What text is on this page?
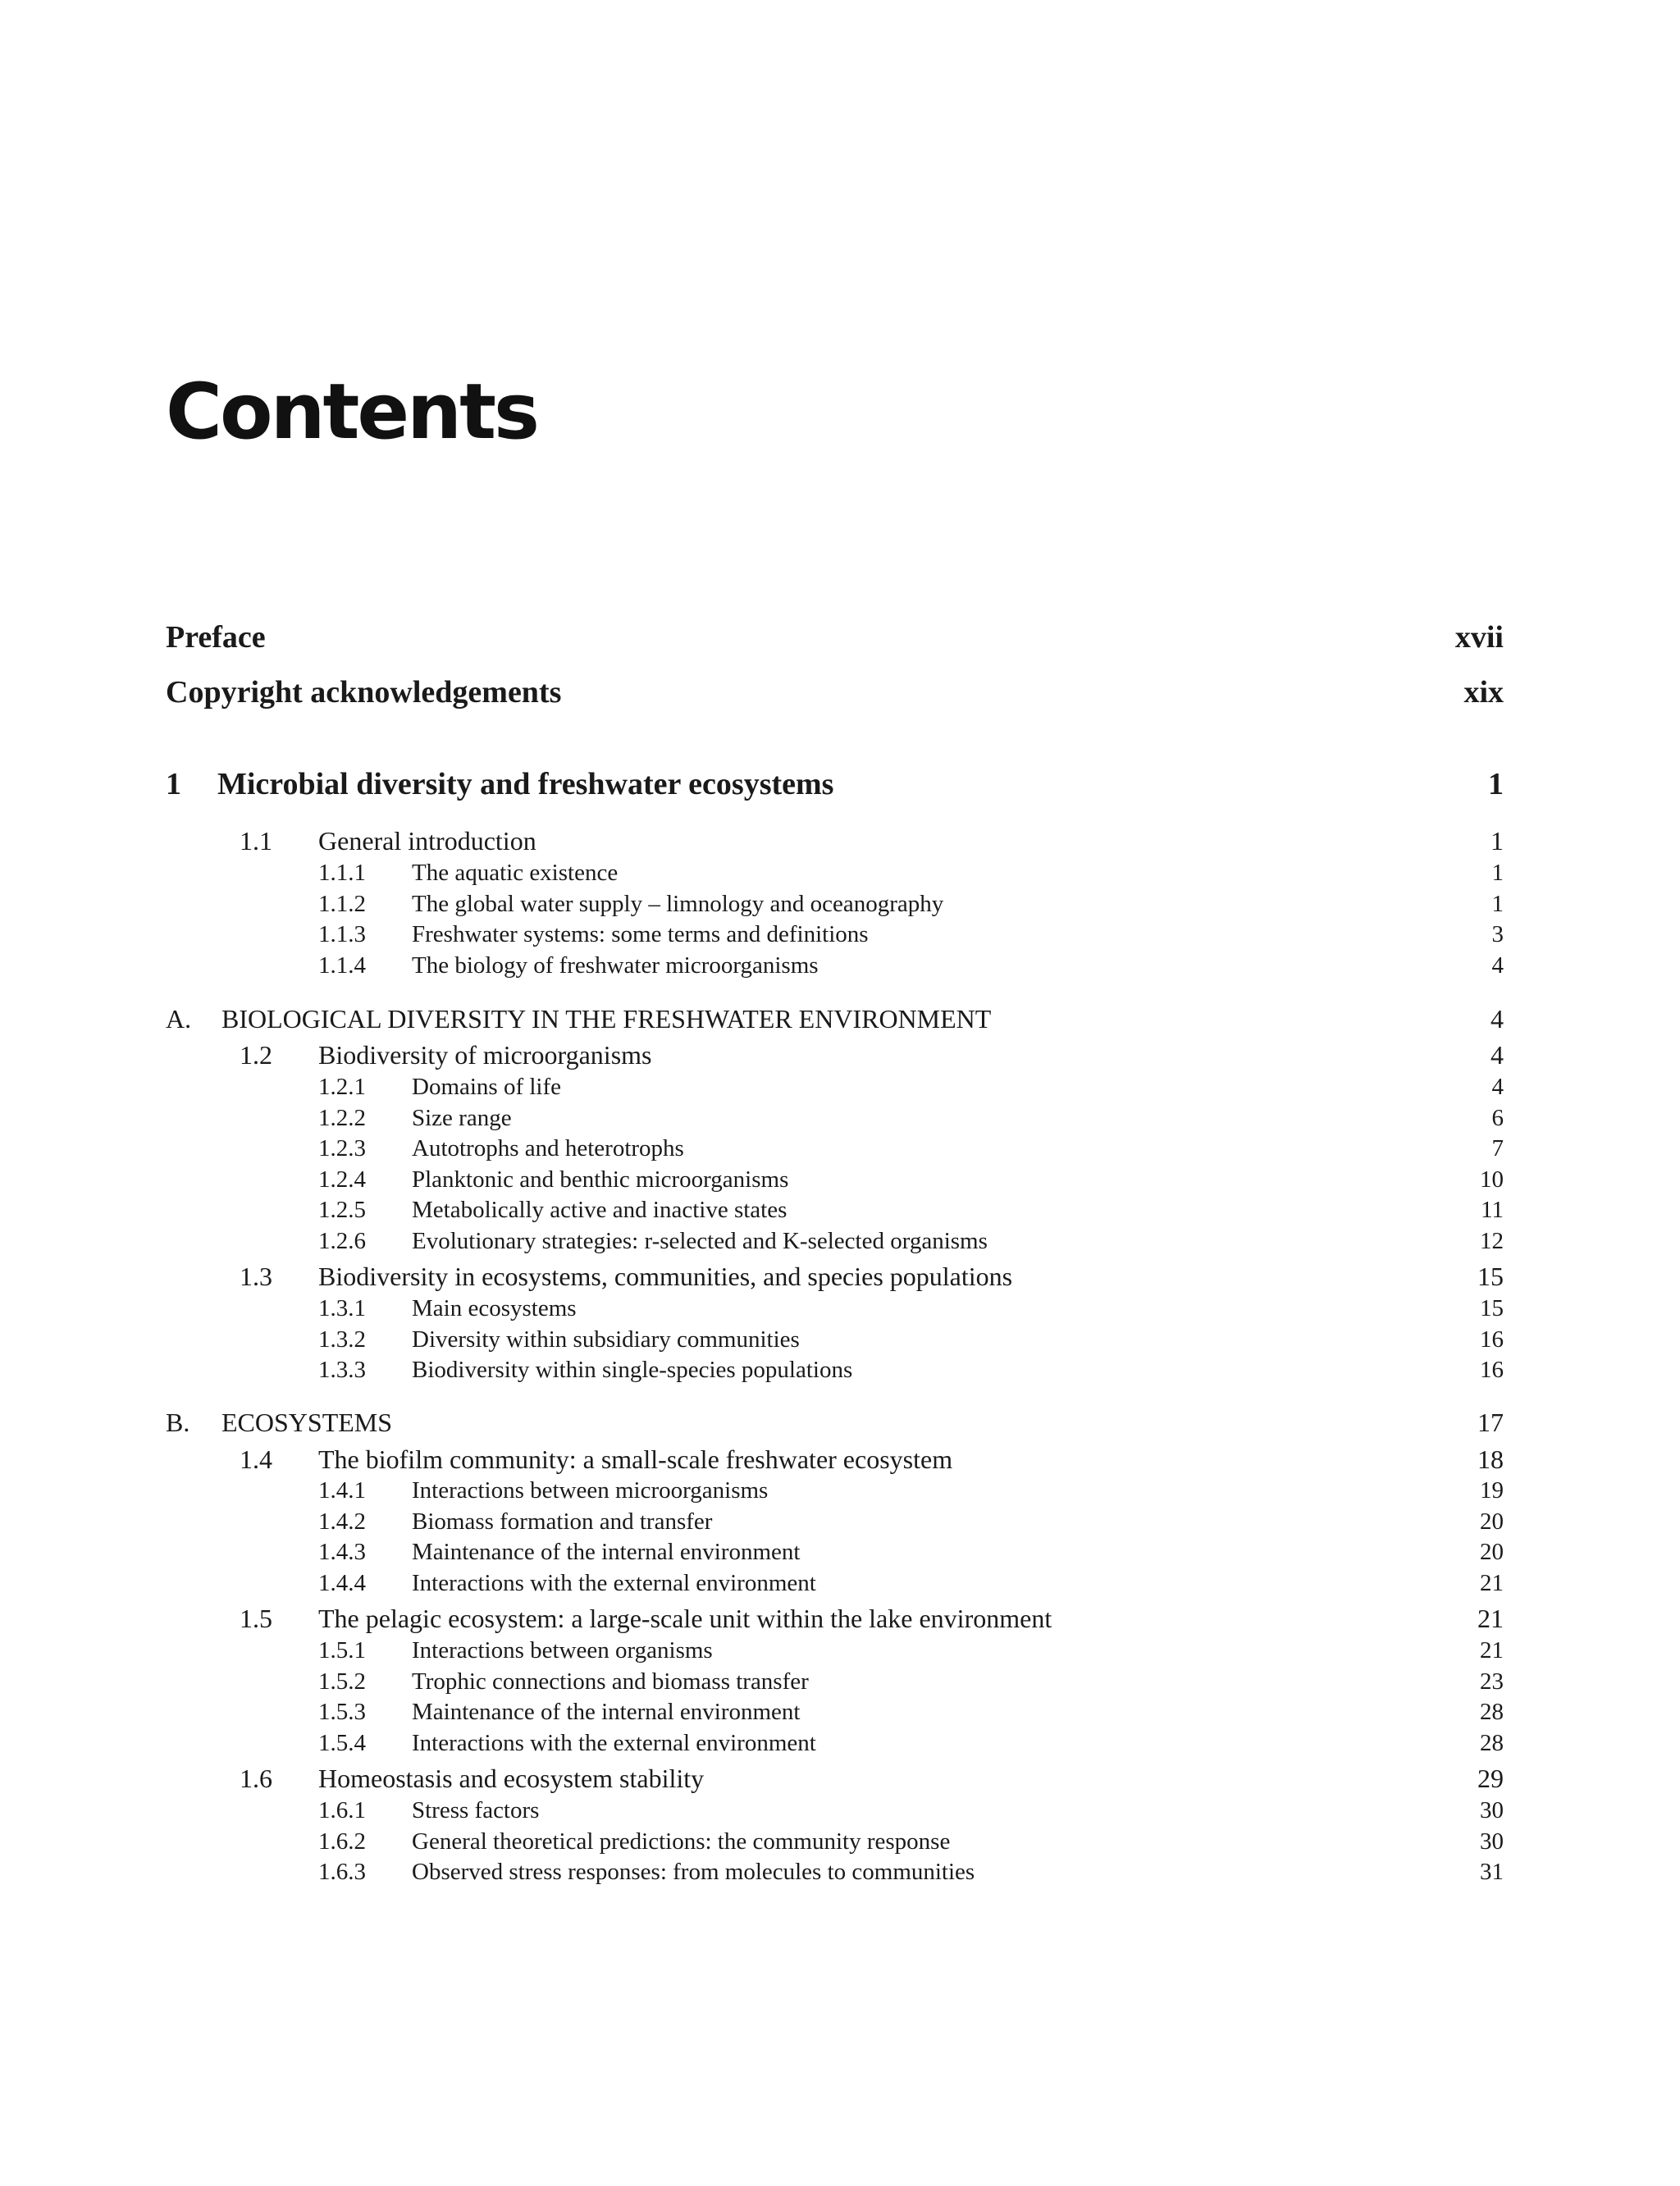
Contents
Preface	xvii
Copyright acknowledgements	xix
1 Microbial diversity and freshwater ecosystems	1
1.1 General introduction	1
1.1.1 The aquatic existence	1
1.1.2 The global water supply – limnology and oceanography	1
1.1.3 Freshwater systems: some terms and definitions	3
1.1.4 The biology of freshwater microorganisms	4
A. BIOLOGICAL DIVERSITY IN THE FRESHWATER ENVIRONMENT	4
1.2 Biodiversity of microorganisms	4
1.2.1 Domains of life	4
1.2.2 Size range	6
1.2.3 Autotrophs and heterotrophs	7
1.2.4 Planktonic and benthic microorganisms	10
1.2.5 Metabolically active and inactive states	11
1.2.6 Evolutionary strategies: r-selected and K-selected organisms	12
1.3 Biodiversity in ecosystems, communities, and species populations	15
1.3.1 Main ecosystems	15
1.3.2 Diversity within subsidiary communities	16
1.3.3 Biodiversity within single-species populations	16
B. ECOSYSTEMS	17
1.4 The biofilm community: a small-scale freshwater ecosystem	18
1.4.1 Interactions between microorganisms	19
1.4.2 Biomass formation and transfer	20
1.4.3 Maintenance of the internal environment	20
1.4.4 Interactions with the external environment	21
1.5 The pelagic ecosystem: a large-scale unit within the lake environment	21
1.5.1 Interactions between organisms	21
1.5.2 Trophic connections and biomass transfer	23
1.5.3 Maintenance of the internal environment	28
1.5.4 Interactions with the external environment	28
1.6 Homeostasis and ecosystem stability	29
1.6.1 Stress factors	30
1.6.2 General theoretical predictions: the community response	30
1.6.3 Observed stress responses: from molecules to communities	31
